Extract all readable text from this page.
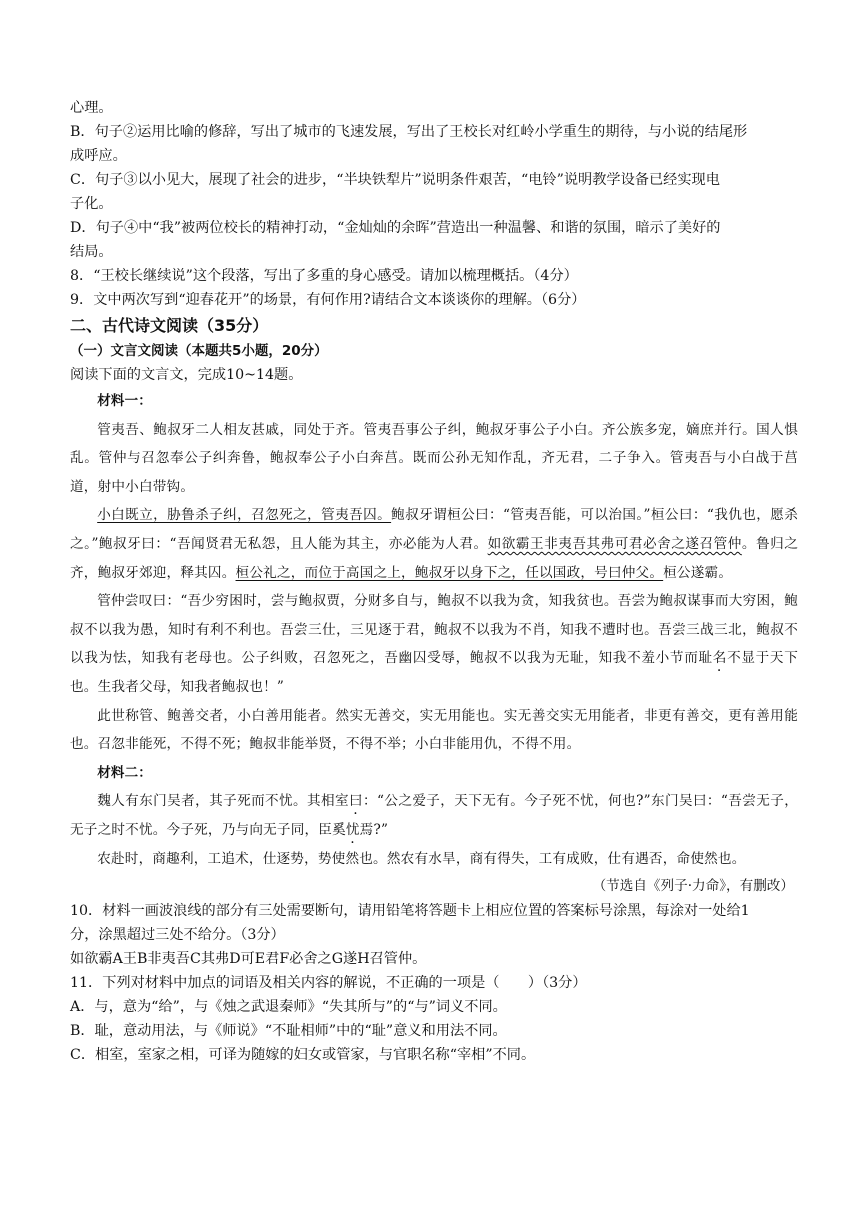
心理。
B．句子②运用比喻的修辞，写出了城市的飞速发展，写出了王校长对红岭小学重生的期待，与小说的结尾形
成呼应。
C．句子③以小见大，展现了社会的进步，“半块铁犁片”说明条件艰苦，“电铃”说明教学设备已经实现电
子化。
D．句子④中“我”被两位校长的精神打动，“金灿灿的余晖”营造出一种温馨、和谐的氛围，暗示了美好的
结局。
8．“王校长继续说”这个段落，写出了多重的身心感受。请加以梳理概括。（4分）
9．文中两次写到“迎春花开”的场景，有何作用?请结合文本谈谈你的理解。（6分）
二、古代诗文阅读（35分）
（一）文言文阅读（本题共5小题，20分）
阅读下面的文言文，完成10~14题。
材料一：
管夷吾、鲍叔牙二人相友甚戚，同处于齐。管夷吾事公子纠，鲍叔牙事公子小白。齐公族多宠，嫡庶并行。国人惧乱。管仲与召忽奉公子纠奔鲁，鲍叔奉公子小白奔莒。既而公孙无知作乱，齐无君，二子争入。管夷吾与小白战于莒道，射中小白带钩。
小白既立，胁鲁杀子纠，召忽死之，管夷吾囚。鲍叔牙谓桓公曰：“管夷吾能，可以治国。”桓公曰：“我仇也，愿杀之。”鲍叔牙曰：“吾闻贤君无私怨，且人能为其主，亦必能为人君。如欲霸王非夷吾其弗可君必舍之遂召管仲。鲁归之齐，鲍叔牙郊迎，释其囚。桓公礼之，而位于高国之上，鲍叔牙以身下之，任以国政，号曰仲父。桓公遂霸。
管仲尝叹曰：“吾少穷困时，尝与鲍叔贾，分财多自与，鲍叔不以我为贪，知我贫也。吾尝为鲍叔谋事而大穷困，鲍叔不以我为愚，知时有利不利也。吾尝三仕，三见逐于君，鲍叔不以我为不肖，知我不遭时也。吾尝三战三北，鲍叔不以我为怯，知我有老母也。公子纠败，召忽死之，吾幽囚受辱，鲍叔不以我为无耻，知我不羞小节而耻名不显于天下也。生我者父母，知我者鲍叔也！”
此世称管、鲍善交者，小白善用能者。然实无善交，实无用能也。实无善交实无用能者，非更有善交，更有善用能也。召忽非能死，不得不死；鲍叔非能举贤，不得不举；小白非能用仇，不得不用。
材料二：
魏人有东门吴者，其子死而不忧。其相室曰：“公之爱子，天下无有。今子死不忧，何也?”东门吴曰：“吾尝无子，无子之时不忧。今子死，乃与向无子同，臣奚忧焉?”
农赴时，商趣利，工追术，仕逐势，势使然也。然农有水旱，商有得失，工有成败，仕有遇否，命使然也。
（节选自《列子·力命》，有删改）
10．材料一画波浪线的部分有三处需要断句，请用铅笔将答题卡上相应位置的答案标号涂黑，每涂对一处给1
分，涂黑超过三处不给分。（3分）
如欲霸A王B非夷吾C其弗D可E君F必舍之G遂H召管仲。
11．下列对材料中加点的词语及相关内容的解说，不正确的一项是（　　）（3分）
A．与，意为“给”，与《烛之武退秦师》“失其所与”的“与”词义不同。
B．耻，意动用法，与《师说》“不耻相师”中的“耻”意义和用法不同。
C．相室，室家之相，可译为随嫁的妇女或管家，与官职名称“宰相”不同。
